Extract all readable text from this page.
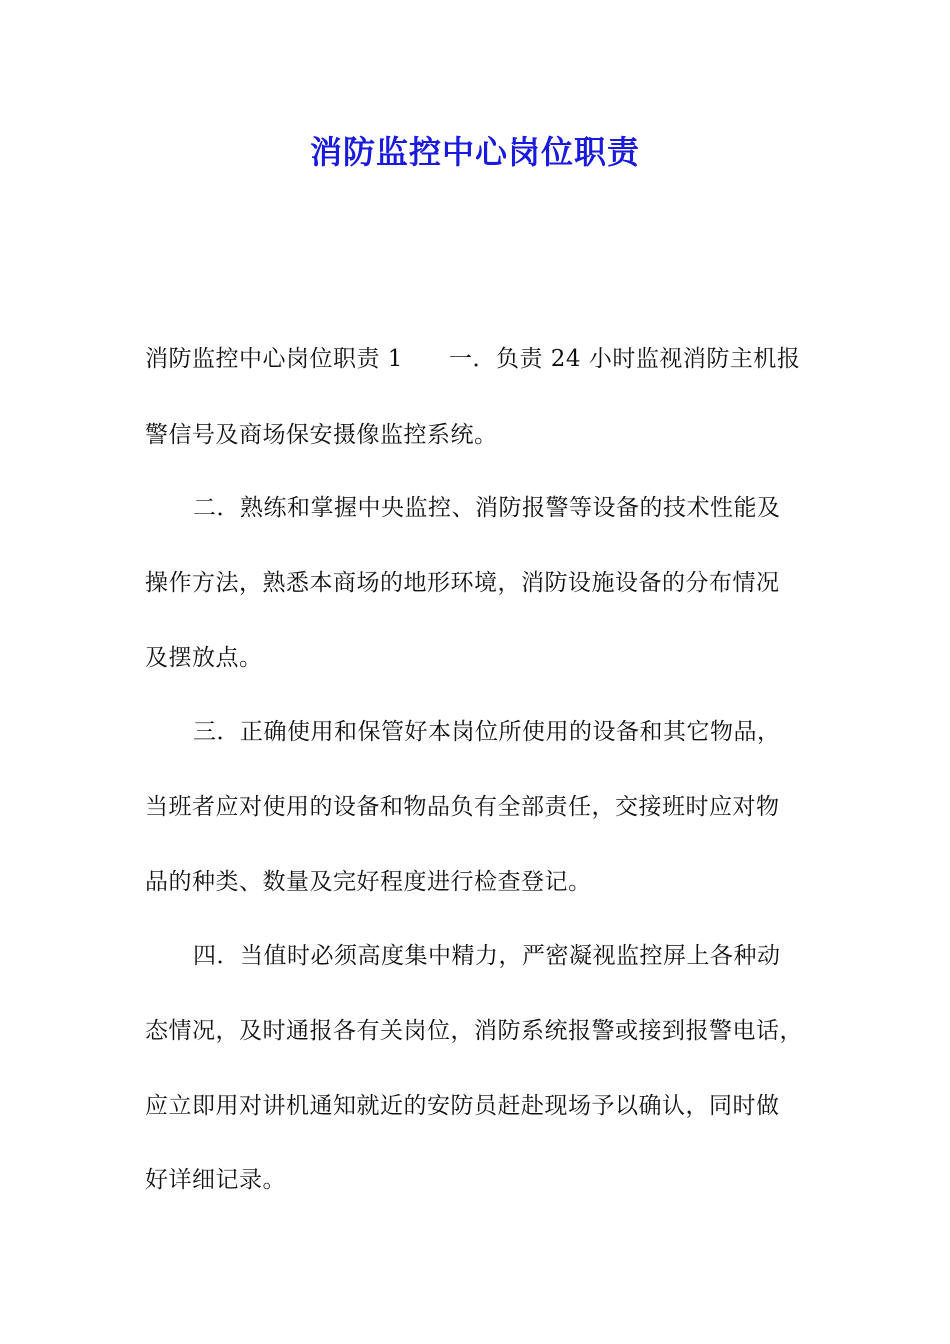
消防监控中心岗位职责
消防监控中心岗位职责 1 一．负责 24 小时监视消防主机报
警信号及商场保安摄像监控系统。
二．熟练和掌握中央监控、消防报警等设备的技术性能及
操作方法，熟悉本商场的地形环境，消防设施设备的分布情况
及摆放点。
三．正确使用和保管好本岗位所使用的设备和其它物品，
当班者应对使用的设备和物品负有全部责任，交接班时应对物
品的种类、数量及完好程度进行检查登记。
四．当值时必须高度集中精力，严密凝视监控屏上各种动
态情况，及时通报各有关岗位，消防系统报警或接到报警电话，
应立即用对讲机通知就近的安防员赶赴现场予以确认，同时做
好详细记录。
